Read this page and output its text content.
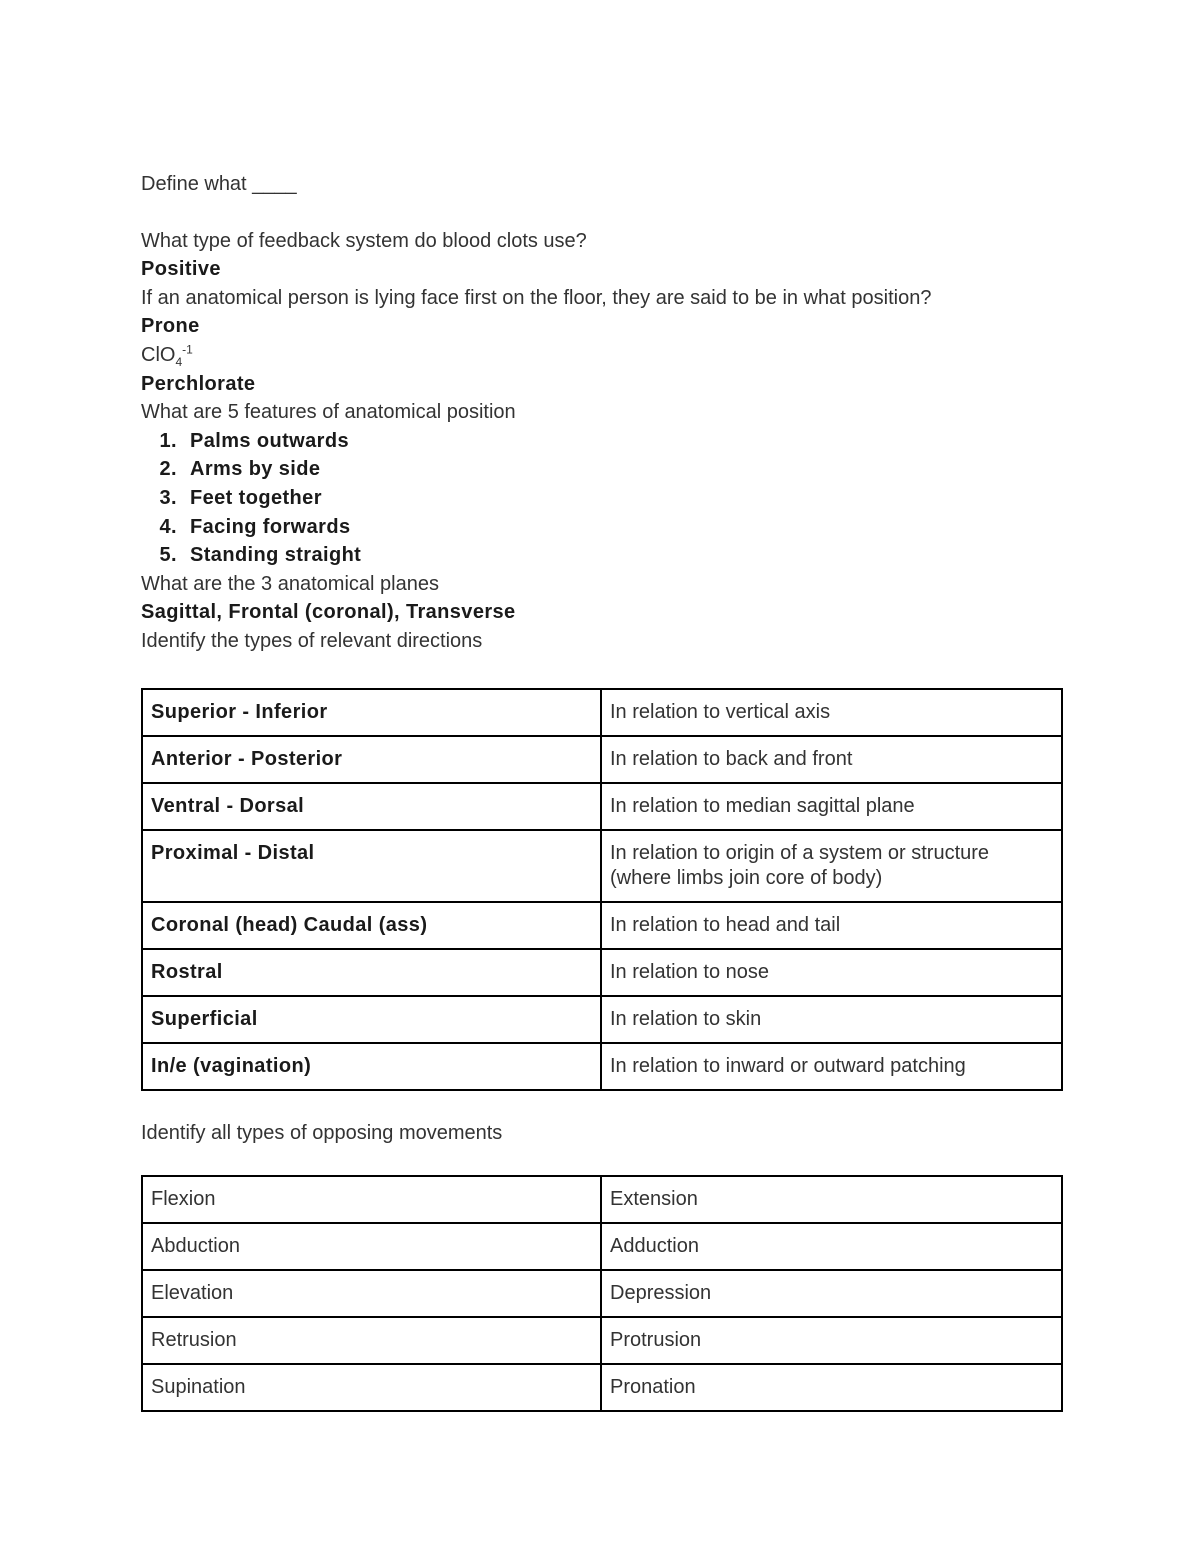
Define what ____
What type of feedback system do blood clots use?
Positive
If an anatomical person is lying face first on the floor, they are said to be in what position?
Prone
ClO$_4^{-1}$
Perchlorate
What are 5 features of anatomical position
1. Palms outwards
2. Arms by side
3. Feet together
4. Facing forwards
5. Standing straight
What are the 3 anatomical planes
Sagittal, Frontal (coronal), Transverse
Identify the types of relevant directions
Superior - Inferior	In relation to vertical axis
Anterior - Posterior	In relation to back and front
Ventral - Dorsal	In relation to median sagittal plane
Proximal - Distal	In relation to origin of a system or structure (where limbs join core of body)
Coronal (head) Caudal (ass)	In relation to head and tail
Rostral	In relation to nose
Superficial	In relation to skin
In/e (vagination)	In relation to inward or outward patching
Identify all types of opposing movements
Flexion	Extension
Abduction	Adduction
Elevation	Depression
Retrusion	Protrusion
Supination	Pronation
